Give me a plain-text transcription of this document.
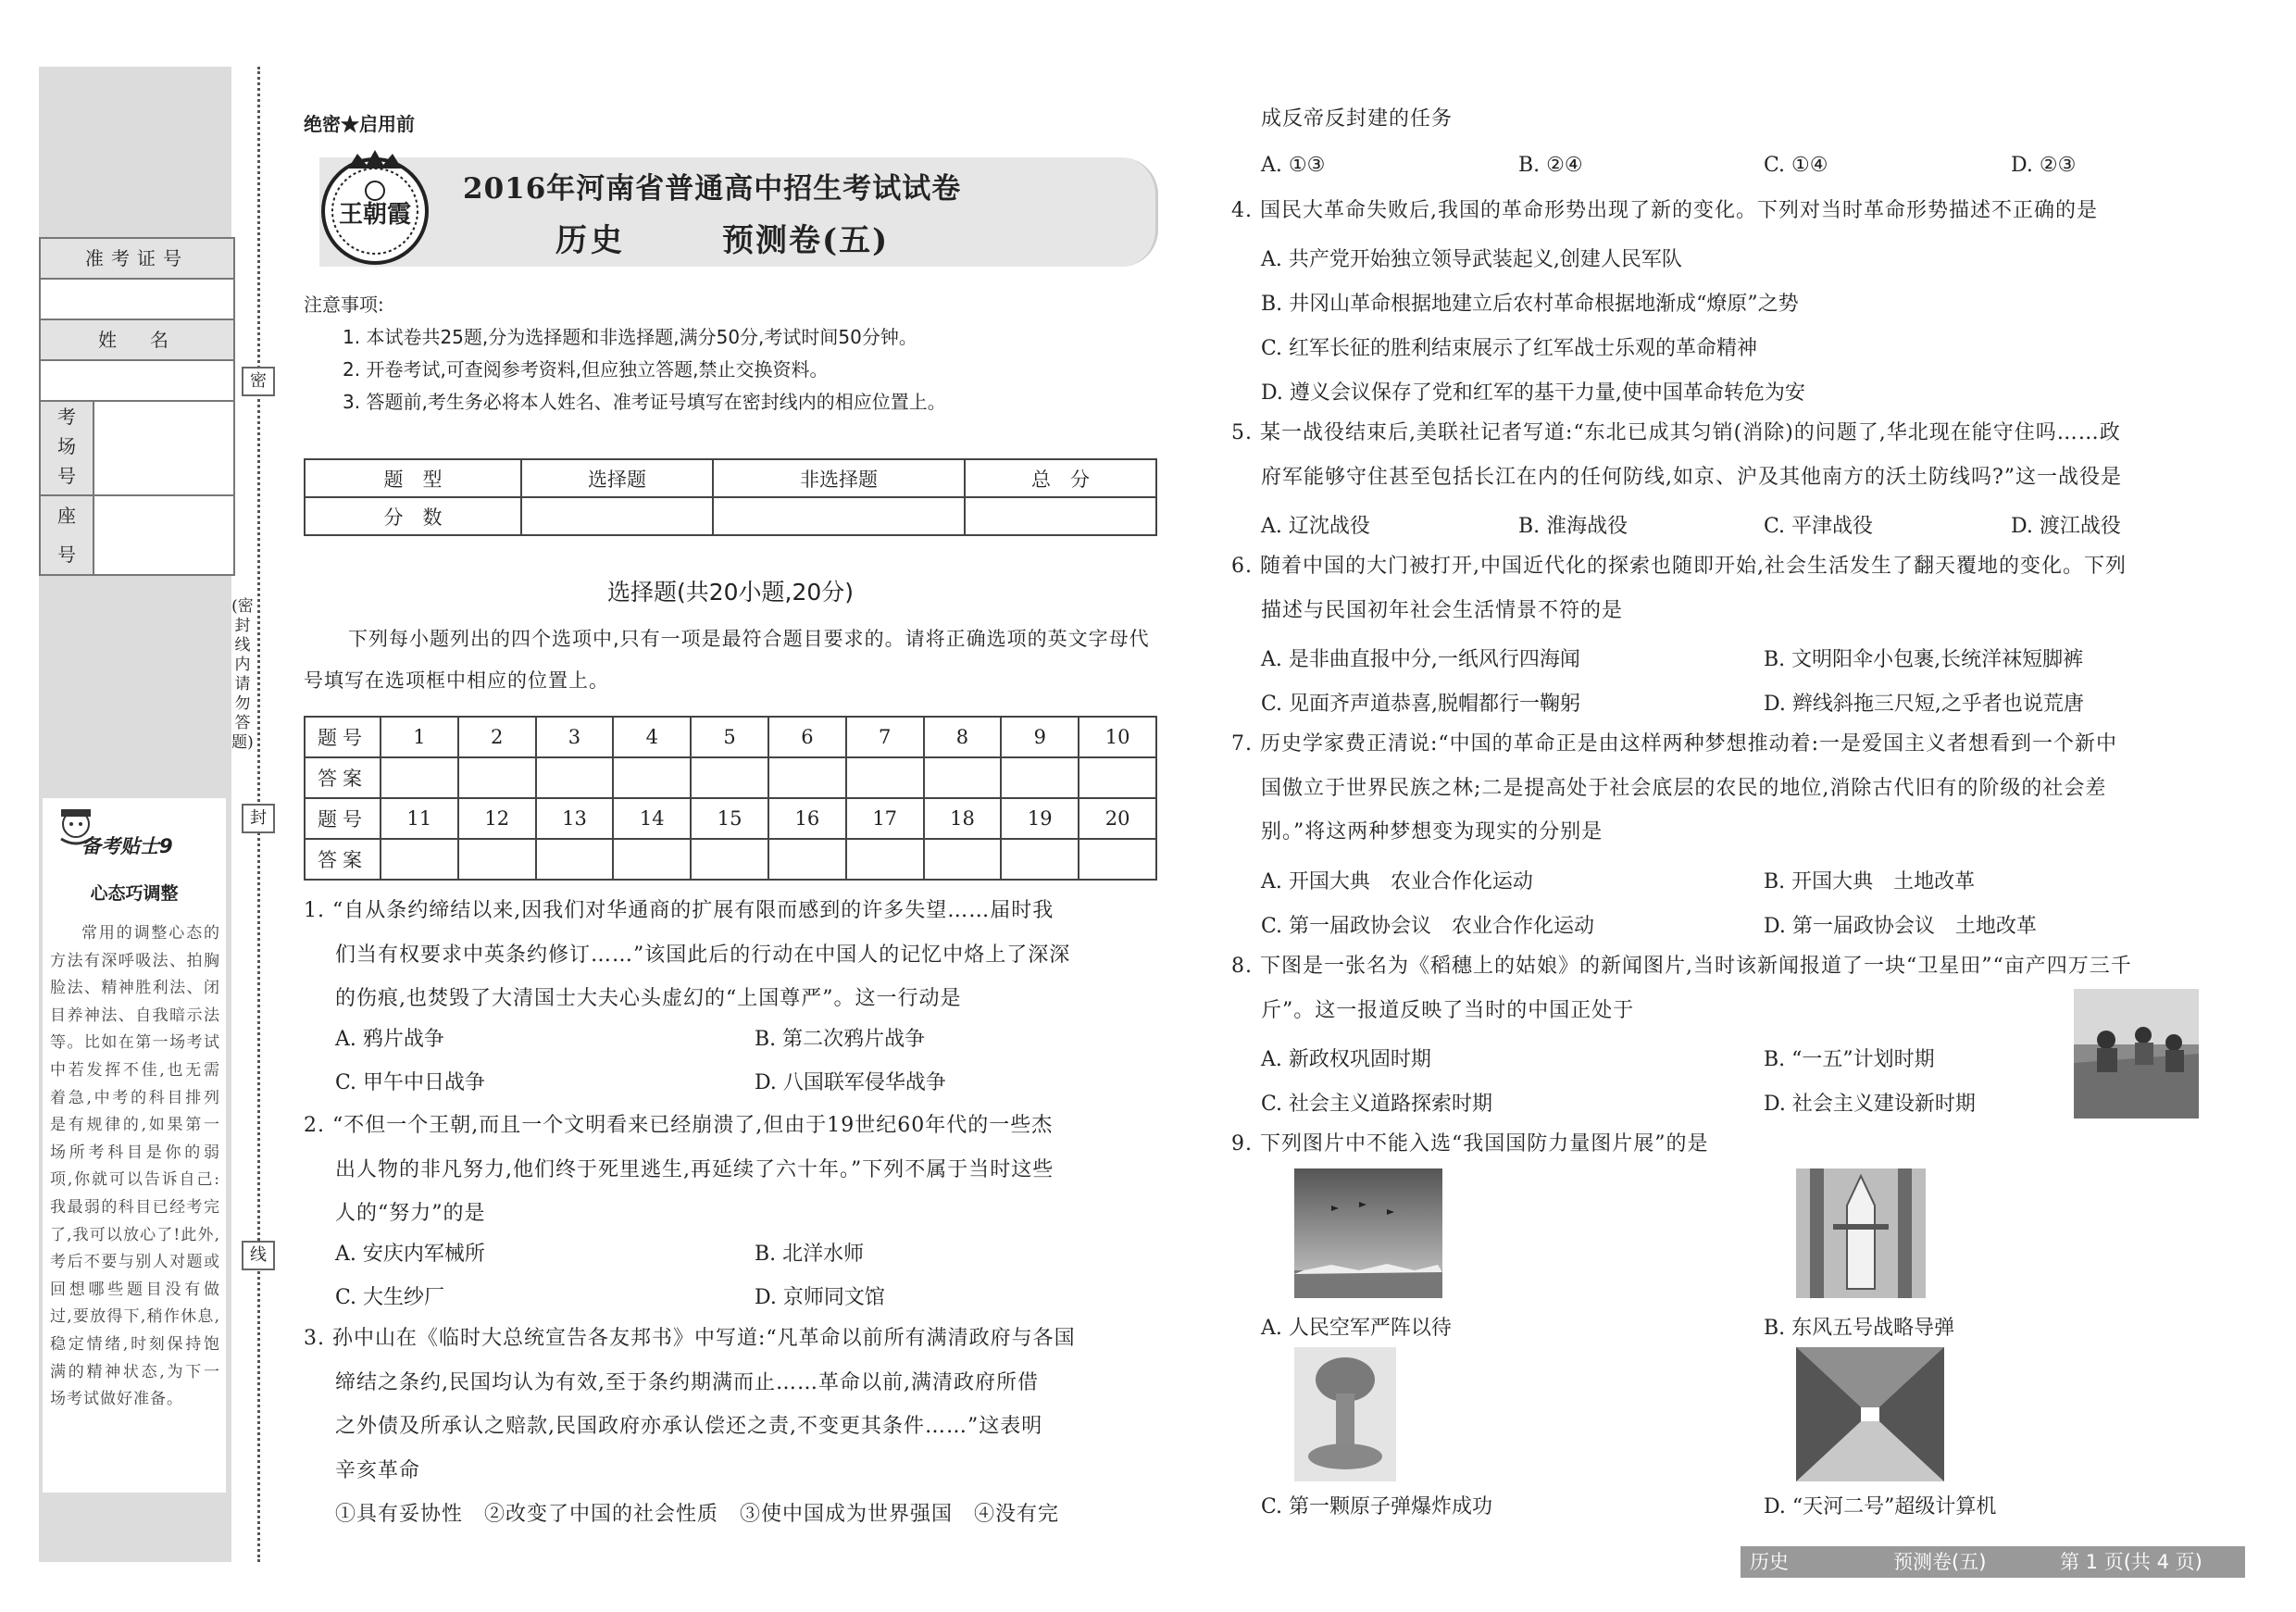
密
封
线
(密封线内请勿答题)
准考证号
姓　名
考场号
座号
备考贴士9
心态巧调整
常用的调整心态的方法有深呼吸法、拍胸脸法、精神胜利法、闭目养神法、自我暗示法等。比如在第一场考试中若发挥不佳,也无需着急,中考的科目排列是有规律的,如果第一场所考科目是你的弱项,你就可以告诉自己:我最弱的科目已经考完了,我可以放心了!此外,考后不要与别人对题或回想哪些题目没有做过,要放得下,稍作休息,稳定情绪,时刻保持饱满的精神状态,为下一场考试做好准备。
绝密★启用前
王朝霞
2016年河南省普通高中招生考试试卷
历史	预测卷(五)
注意事项:
1. 本试卷共25题,分为选择题和非选择题,满分50分,考试时间50分钟。
2. 开卷考试,可查阅参考资料,但应独立答题,禁止交换资料。
3. 答题前,考生务必将本人姓名、准考证号填写在密封线内的相应位置上。
题　型	选择题	非选择题	总　分
分　数			
选择题(共20小题,20分)
下列每小题列出的四个选项中,只有一项是最符合题目要求的。请将正确选项的英文字母代号填写在选项框中相应的位置上。
题号	1	2	3	4	5	6	7	8	9	10
答案										
题号	11	12	13	14	15	16	17	18	19	20
答案										
1. “自从条约缔结以来,因我们对华通商的扩展有限而感到的许多失望……届时我
们当有权要求中英条约修订……”该国此后的行动在中国人的记忆中烙上了深深
的伤痕,也焚毁了大清国士大夫心头虚幻的“上国尊严”。这一行动是
A. 鸦片战争	B. 第二次鸦片战争
C. 甲午中日战争	D. 八国联军侵华战争
2. “不但一个王朝,而且一个文明看来已经崩溃了,但由于19世纪60年代的一些杰
出人物的非凡努力,他们终于死里逃生,再延续了六十年。”下列不属于当时这些
人的“努力”的是
A. 安庆内军械所	B. 北洋水师
C. 大生纱厂	D. 京师同文馆
3. 孙中山在《临时大总统宣告各友邦书》中写道:“凡革命以前所有满清政府与各国
缔结之条约,民国均认为有效,至于条约期满而止……革命以前,满清政府所借
之外债及所承认之赔款,民国政府亦承认偿还之责,不变更其条件……”这表明
辛亥革命
①具有妥协性　②改变了中国的社会性质　③使中国成为世界强国　④没有完
成反帝反封建的任务
A. ①③	B. ②④	C. ①④	D. ②③
4. 国民大革命失败后,我国的革命形势出现了新的变化。下列对当时革命形势描述不正确的是
A. 共产党开始独立领导武装起义,创建人民军队
B. 井冈山革命根据地建立后农村革命根据地渐成“燎原”之势
C. 红军长征的胜利结束展示了红军战士乐观的革命精神
D. 遵义会议保存了党和红军的基干力量,使中国革命转危为安
5. 某一战役结束后,美联社记者写道:“东北已成其匀销(消除)的问题了,华北现在能守住吗……政
府军能够守住甚至包括长江在内的任何防线,如京、沪及其他南方的沃土防线吗?”这一战役是
A. 辽沈战役	B. 淮海战役	C. 平津战役	D. 渡江战役
6. 随着中国的大门被打开,中国近代化的探索也随即开始,社会生活发生了翻天覆地的变化。下列
描述与民国初年社会生活情景不符的是
A. 是非曲直报中分,一纸风行四海闻	B. 文明阳伞小包裹,长统洋袜短脚裤
C. 见面齐声道恭喜,脱帽都行一鞠躬	D. 辫线斜拖三尺短,之乎者也说荒唐
7. 历史学家费正清说:“中国的革命正是由这样两种梦想推动着:一是爱国主义者想看到一个新中
国傲立于世界民族之林;二是提高处于社会底层的农民的地位,消除古代旧有的阶级的社会差
别。”将这两种梦想变为现实的分别是
A. 开国大典　农业合作化运动	B. 开国大典　土地改革
C. 第一届政协会议　农业合作化运动	D. 第一届政协会议　土地改革
8. 下图是一张名为《稻穗上的姑娘》的新闻图片,当时该新闻报道了一块“卫星田”“亩产四万三千
斤”。这一报道反映了当时的中国正处于
A. 新政权巩固时期	B. “一五”计划时期
C. 社会主义道路探索时期	D. 社会主义建设新时期
9. 下列图片中不能入选“我国国防力量图片展”的是
A. 人民空军严阵以待	B. 东风五号战略导弹
C. 第一颗原子弹爆炸成功	D. “天河二号”超级计算机
历史	预测卷(五)	第 1 页(共 4 页)
